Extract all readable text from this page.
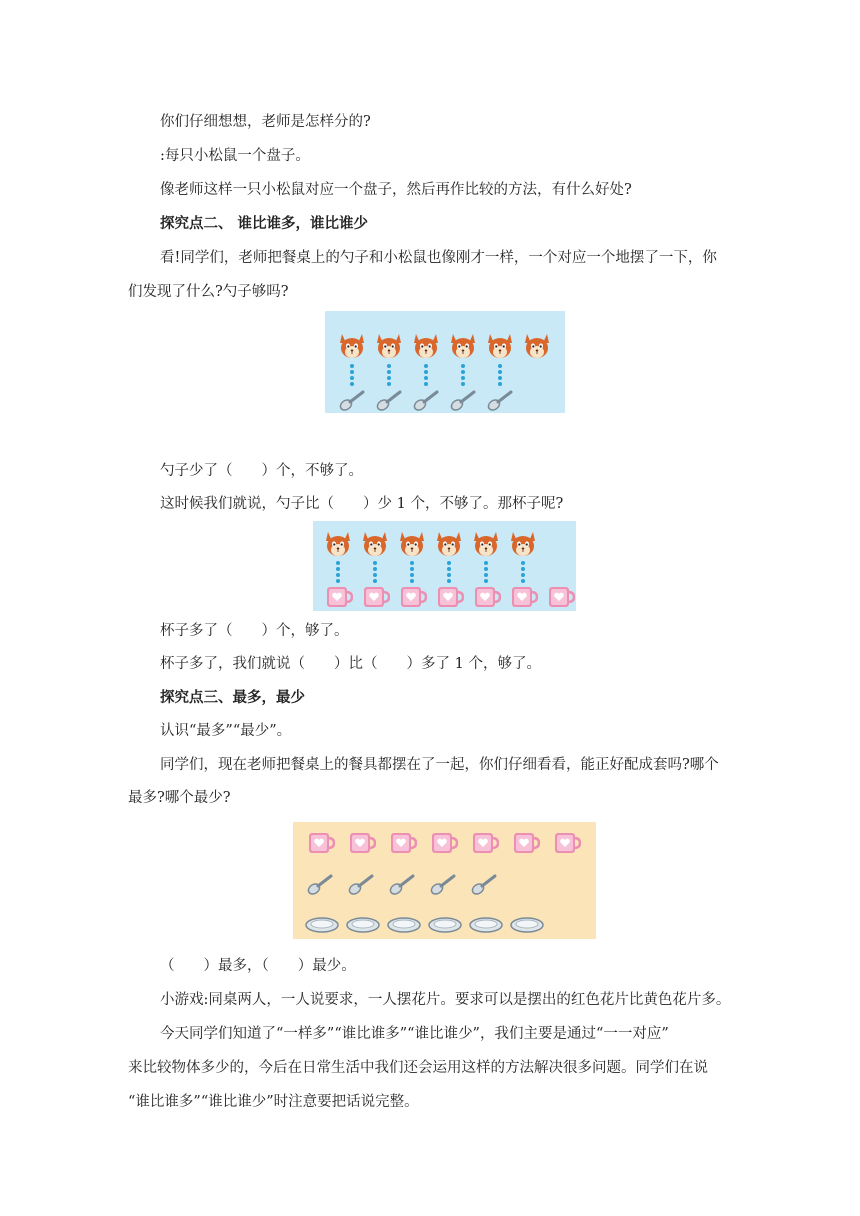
你们仔细想想，老师是怎样分的?
:每只小松鼠一个盘子。
像老师这样一只小松鼠对应一个盘子，然后再作比较的方法，有什么好处?
探究点二、 谁比谁多，谁比谁少
看!同学们，老师把餐桌上的勺子和小松鼠也像刚才一样，一个对应一个地摆了一下，你
们发现了什么?勺子够吗?
勺子少了（　　）个，不够了。
这时候我们就说，勺子比（　　）少 1 个，不够了。那杯子呢?
杯子多了（　　）个，够了。
杯子多了，我们就说（　　）比（　　）多了 1 个，够了。
探究点三、最多，最少
认识“最多”“最少”。
同学们，现在老师把餐桌上的餐具都摆在了一起，你们仔细看看，能正好配成套吗?哪个
最多?哪个最少?
（　　）最多，（　　）最少。
小游戏:同桌两人，一人说要求，一人摆花片。要求可以是摆出的红色花片比黄色花片多。
今天同学们知道了“一样多”“谁比谁多”“谁比谁少”，我们主要是通过“一一对应”
来比较物体多少的，今后在日常生活中我们还会运用这样的方法解决很多问题。同学们在说
“谁比谁多”“谁比谁少”时注意要把话说完整。
